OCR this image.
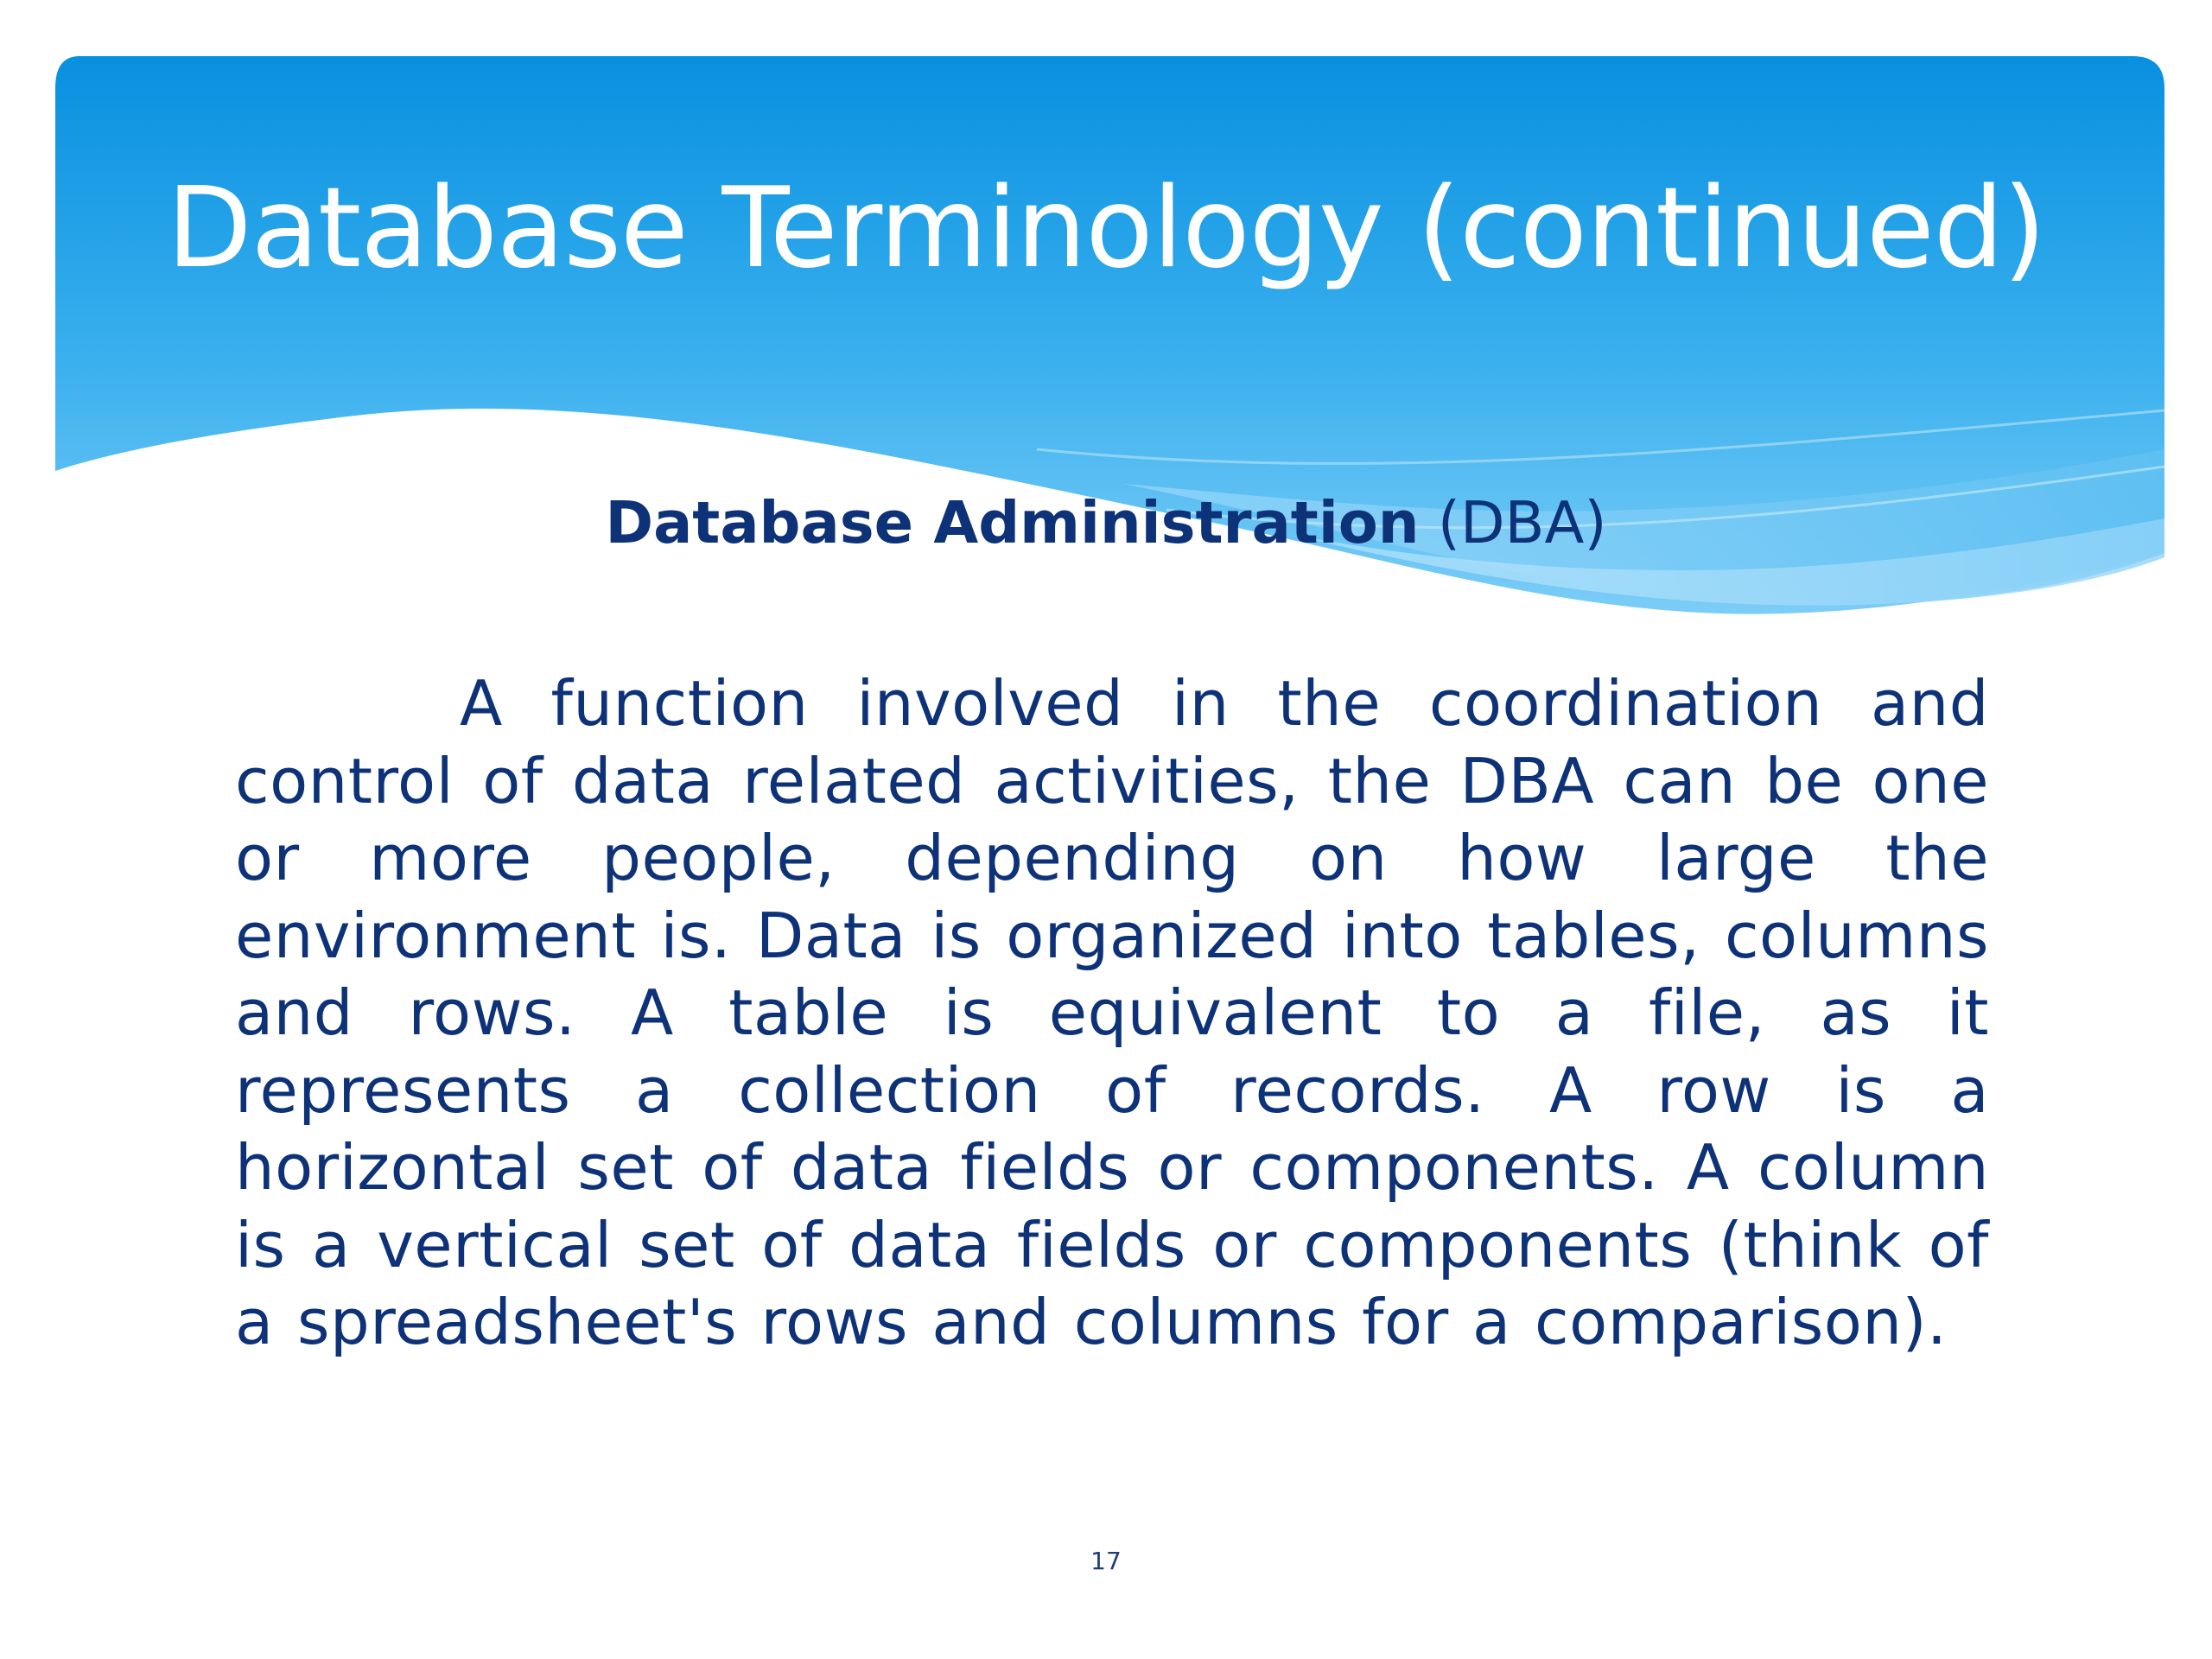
Database Terminology (continued)
Database Administration (DBA)
A function involved in the coordination and control of data related activities, the DBA can be one or more people, depending on how large the environment is. Data is organized into tables, columns and rows. A table is equivalent to a file, as it represents a collection of records. A row is a horizontal set of data fields or components. A column is a vertical set of data fields or components (think of a spreadsheet's rows and columns for a comparison).
17
